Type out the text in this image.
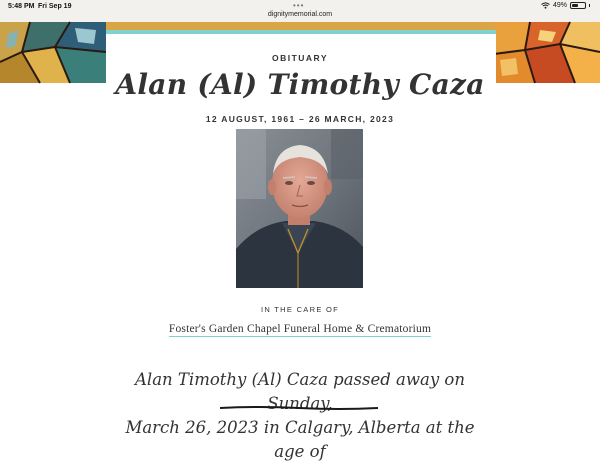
5:48 PM Fri Sep 19	•••
dignitymemorial.com
49%
OBITUARY
Alan (Al) Timothy Caza
12 AUGUST, 1961 – 26 MARCH, 2023
IN THE CARE OF
Foster's Garden Chapel Funeral Home & Crematorium
Alan Timothy (Al) Caza passed away on Sunday,
March 26, 2023 in Calgary, Alberta at the age of
